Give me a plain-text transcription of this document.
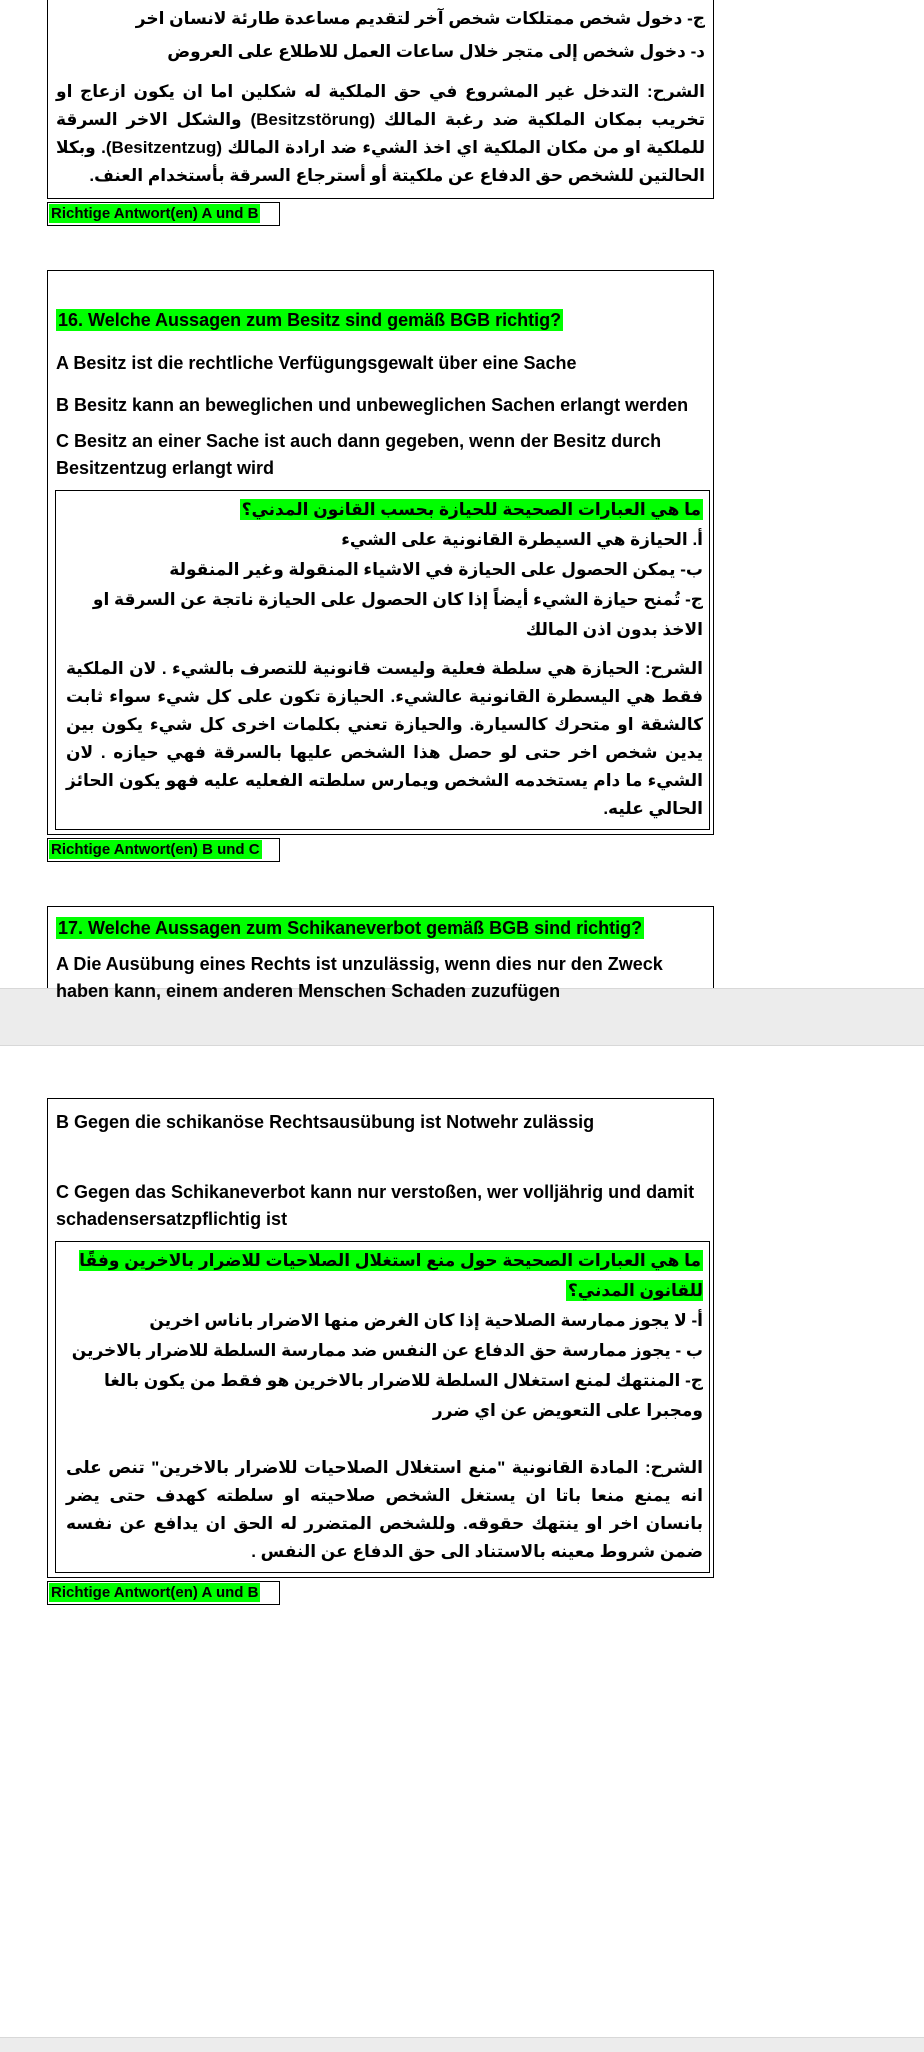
ج- دخول شخص ممتلكات شخص آخر لتقديم مساعدة طارئة لانسان اخر
د- دخول شخص إلى متجر خلال ساعات العمل للاطلاع على العروض
الشرح: التدخل غير المشروع في حق الملكية له شكلين اما ان يكون ازعاج او تخريب بمكان الملكية ضد رغبة المالك (Besitzstörung) والشكل الاخر السرقة للملكية او من مكان الملكية اي اخذ الشيء ضد ارادة المالك (Besitzentzug). وبكلا الحالتين للشخص حق الدفاع عن ملكيتة أو أسترجاع السرقة بأستخدام العنف.
Richtige Antwort(en) A und B
16. Welche Aussagen zum Besitz sind gemäß BGB richtig?
A Besitz ist die rechtliche Verfügungsgewalt über eine Sache
B Besitz kann an beweglichen und unbeweglichen Sachen erlangt werden
C Besitz an einer Sache ist auch dann gegeben, wenn der Besitz durch Besitzentzug erlangt wird
ما هي العبارات الصحيحة للحيازة بحسب القانون المدني؟
أ. الحيازة هي السيطرة القانونية على الشيء
ب- يمكن الحصول على الحيازة في الاشياء المنقولة وغير المنقولة
ج- تُمنح حيازة الشيء أيضاً إذا كان الحصول على الحيازة ناتجة عن السرقة او الاخذ بدون اذن المالك
الشرح: الحيازة هي سلطة فعلية وليست قانونية للتصرف بالشيء . لان الملكية فقط هي اليسطرة القانونية عالشيء. الحيازة تكون على كل شيء سواء ثابت كالشقة او متحرك كالسيارة. والحيازة تعني بكلمات اخرى كل شيء يكون بين يدين شخص اخر حتى لو حصل هذا الشخص عليها بالسرقة فهي حيازه . لان الشيء ما دام يستخدمه الشخص ويمارس سلطته الفعليه عليه فهو يكون الحائز الحالي عليه.
Richtige Antwort(en) B und C
17. Welche Aussagen zum Schikaneverbot gemäß BGB sind richtig?
A Die Ausübung eines Rechts ist unzulässig, wenn dies nur den Zweck haben kann, einem anderen Menschen Schaden zuzufügen
B Gegen die schikanöse Rechtsausübung ist Notwehr zulässig
C Gegen das Schikaneverbot kann nur verstoßen, wer volljährig und damit schadensersatzpflichtig ist
ما هي العبارات الصحيحة حول منع استغلال الصلاحيات للاضرار بالاخرين وفقًا للقانون المدني؟
أ- لا يجوز ممارسة الصلاحية إذا كان الغرض منها الاضرار باناس اخرين
ب - يجوز ممارسة حق الدفاع عن النفس ضد ممارسة السلطة للاضرار بالاخرين
ج- المنتهك لمنع استغلال السلطة للاضرار بالاخرين هو فقط من يكون بالغا ومجبرا على التعويض عن اي ضرر
الشرح: المادة القانونية "منع استغلال الصلاحيات للاضرار بالاخرين" تنص على انه يمنع منعا باتا ان يستغل الشخص صلاحيته او سلطته كهدف حتى يضر بانسان اخر او ينتهك حقوقه. وللشخص المتضرر له الحق ان يدافع عن نفسه ضمن شروط معينه بالاستناد الى حق الدفاع عن النفس .
Richtige Antwort(en) A und B
